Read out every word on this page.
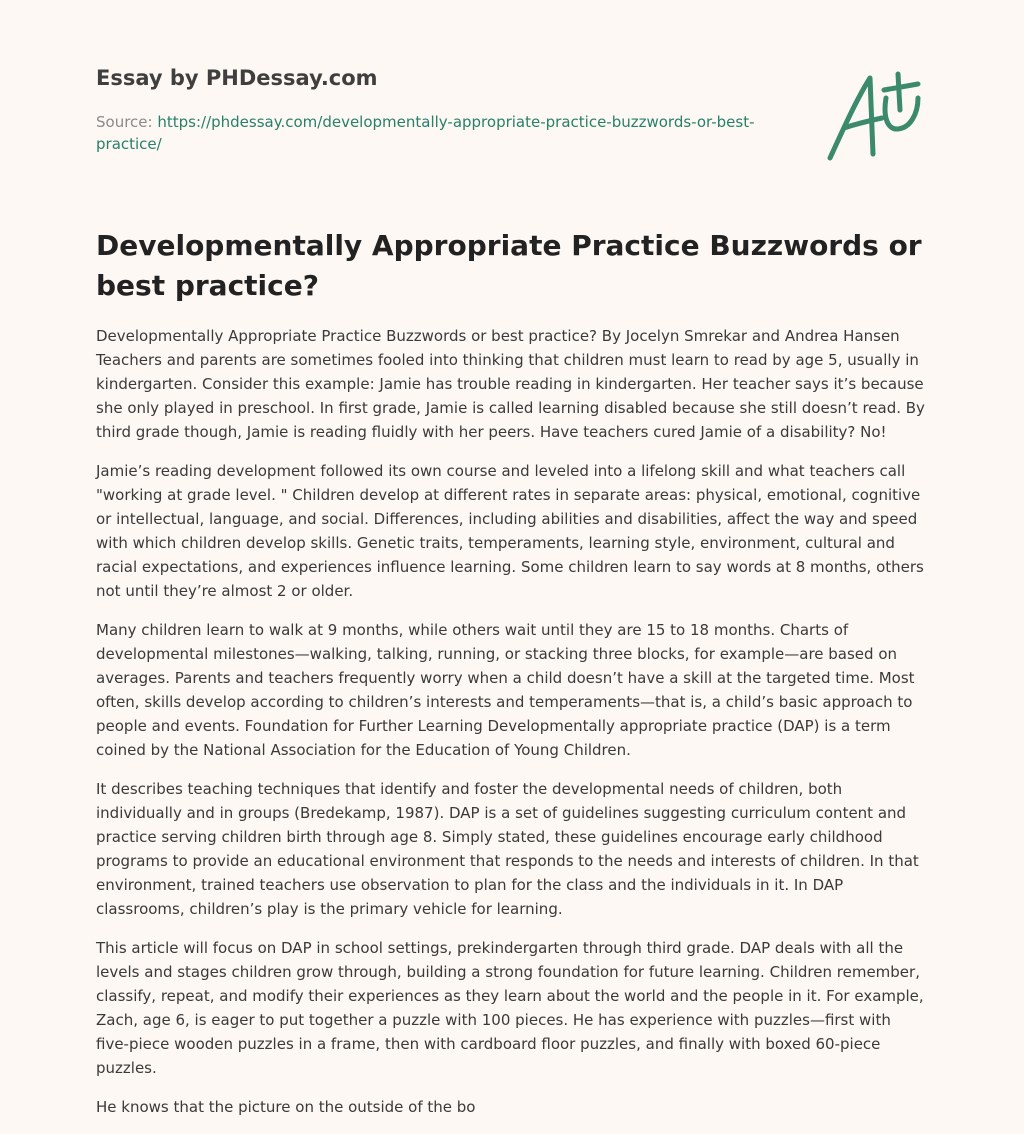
Essay by PHDessay.com
Source: https://phdessay.com/developmentally-appropriate-practice-buzzwords-or-best-practice/
Developmentally Appropriate Practice Buzzwords or best practice?

Developmentally Appropriate Practice Buzzwords or best practice? By Jocelyn Smrekar and Andrea Hansen Teachers and parents are sometimes fooled into thinking that children must learn to read by age 5, usually in kindergarten. Consider this example: Jamie has trouble reading in kindergarten. Her teacher says it’s because she only played in preschool. In first grade, Jamie is called learning disabled because she still doesn’t read. By third grade though, Jamie is reading fluidly with her peers. Have teachers cured Jamie of a disability? No!

Jamie’s reading development followed its own course and leveled into a lifelong skill and what teachers call "working at grade level. " Children develop at different rates in separate areas: physical, emotional, cognitive or intellectual, language, and social. Differences, including abilities and disabilities, affect the way and speed with which children develop skills. Genetic traits, temperaments, learning style, environment, cultural and racial expectations, and experiences influence learning. Some children learn to say words at 8 months, others not until they’re almost 2 or older.

Many children learn to walk at 9 months, while others wait until they are 15 to 18 months. Charts of developmental milestones—walking, talking, running, or stacking three blocks, for example—are based on averages. Parents and teachers frequently worry when a child doesn’t have a skill at the targeted time. Most often, skills develop according to children’s interests and temperaments—that is, a child’s basic approach to people and events. Foundation for Further Learning Developmentally appropriate practice (DAP) is a term coined by the National Association for the Education of Young Children.

It describes teaching techniques that identify and foster the developmental needs of children, both individually and in groups (Bredekamp, 1987). DAP is a set of guidelines suggesting curriculum content and practice serving children birth through age 8. Simply stated, these guidelines encourage early childhood programs to provide an educational environment that responds to the needs and interests of children. In that environment, trained teachers use observation to plan for the class and the individuals in it. In DAP classrooms, children’s play is the primary vehicle for learning.

This article will focus on DAP in school settings, prekindergarten through third grade. DAP deals with all the levels and stages children grow through, building a strong foundation for future learning. Children remember, classify, repeat, and modify their experiences as they learn about the world and the people in it. For example, Zach, age 6, is eager to put together a puzzle with 100 pieces. He has experience with puzzles—first with five-piece wooden puzzles in a frame, then with cardboard floor puzzles, and finally with boxed 60-piece puzzles.

He knows that the picture on the outside of the bo
